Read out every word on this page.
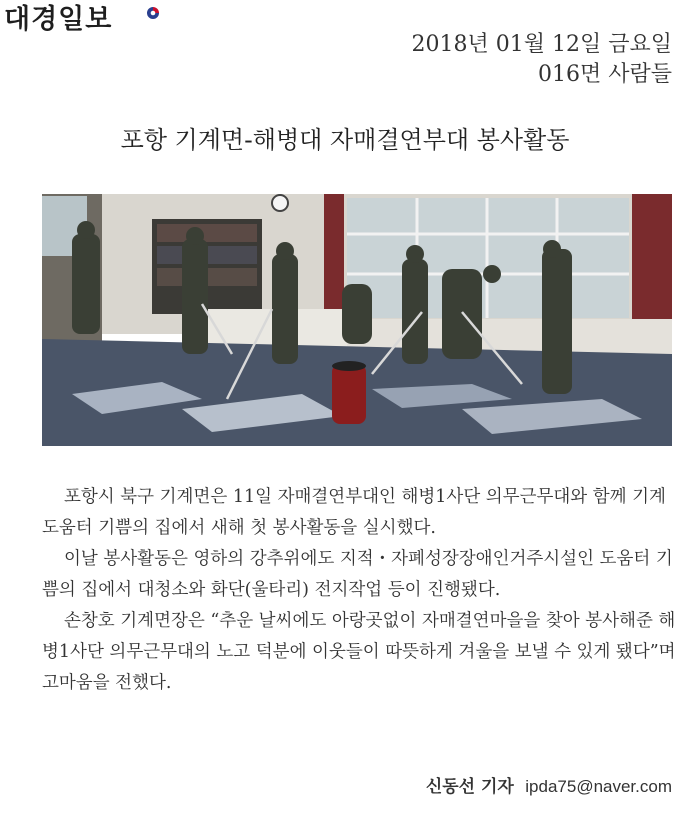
대경일보
2018년 01월 12일 금요일
016면 사람들
포항 기계면-해병대 자매결연부대 봉사활동

포항시 북구 기계면은 11일 자매결연부대인 해병1사단 의무근무대와 함께 기계 도움터 기쁨의 집에서 새해 첫 봉사활동을 실시했다.

이날 봉사활동은 영하의 강추위에도 지적・자폐성장장애인거주시설인 도움터 기쁨의 집에서 대청소와 화단(울타리) 전지작업 등이 진행됐다.

손창호 기계면장은 “추운 날씨에도 아랑곳없이 자매결연마을을 찾아 봉사해준 해병1사단 의무근무대의 노고 덕분에 이웃들이 따뜻하게 겨울을 보낼 수 있게 됐다”며 고마움을 전했다.

신동선 기자 ipda75@naver.com
